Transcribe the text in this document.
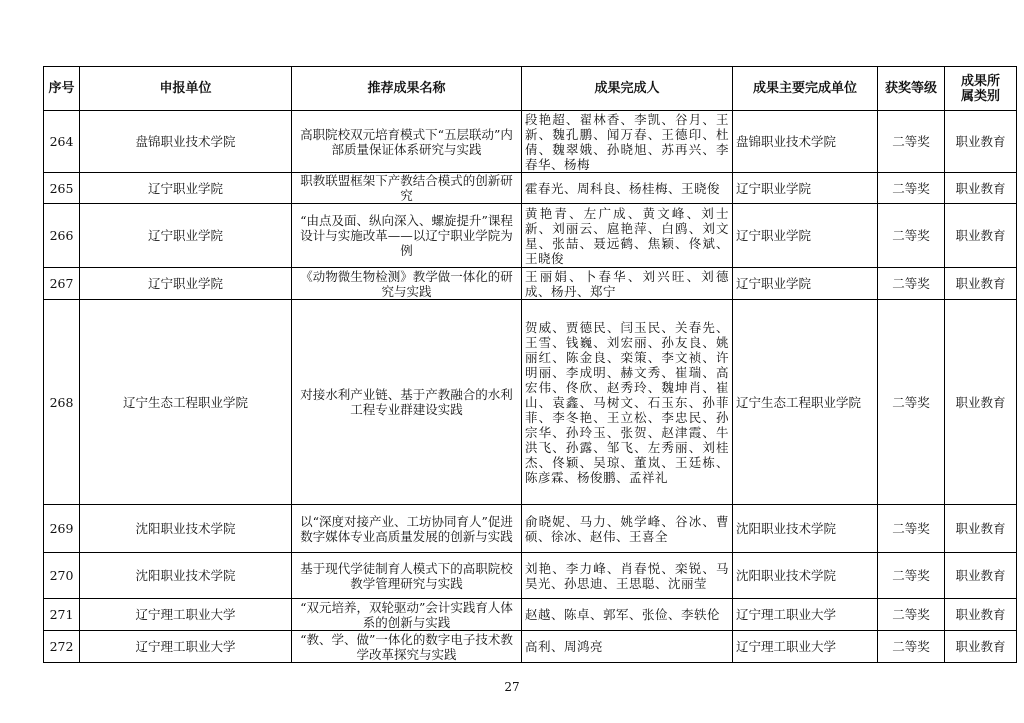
序号	申报单位	推荐成果名称	成果完成人	成果主要完成单位	获奖等级	成果所属类别
264	盘锦职业技术学院	高职院校双元培育模式下“五层联动”内部质量保证体系研究与实践	段艳超、翟林香、李凯、谷月、王新、魏孔鹏、闻万春、王德印、杜倩、魏翠娥、孙晓旭、苏再兴、李春华、杨梅	盘锦职业技术学院	二等奖	职业教育
265	辽宁职业学院	职教联盟框架下产教结合模式的创新研究	霍春光、周科良、杨桂梅、王晓俊	辽宁职业学院	二等奖	职业教育
266	辽宁职业学院	“由点及面、纵向深入、螺旋提升”课程设计与实施改革——以辽宁职业学院为例	黄艳青、左广成、黄文峰、刘士新、刘丽云、扈艳萍、白鸥、刘文星、张喆、聂远鹤、焦颖、佟斌、王晓俊	辽宁职业学院	二等奖	职业教育
267	辽宁职业学院	《动物微生物检测》教学做一体化的研究与实践	王丽娟、卜春华、刘兴旺、刘德成、杨丹、郑宁	辽宁职业学院	二等奖	职业教育
268	辽宁生态工程职业学院	对接水利产业链、基于产教融合的水利工程专业群建设实践	贺威、贾德民、闫玉民、关春先、王雪、钱巍、刘宏丽、孙友良、姚丽红、陈金良、栾策、李文祯、许明丽、李成明、赫文秀、崔瑞、高宏伟、佟欣、赵秀玲、魏坤肖、崔山、袁鑫、马树文、石玉东、孙菲菲、李冬艳、王立松、李忠民、孙宗华、孙玲玉、张贺、赵津霞、牛洪飞、孙露、邹飞、左秀丽、刘桂杰、佟颖、吴琼、董岚、王廷栋、陈彦霖、杨俊鹏、孟祥礼	辽宁生态工程职业学院	二等奖	职业教育
269	沈阳职业技术学院	以“深度对接产业、工坊协同育人”促进数字媒体专业高质量发展的创新与实践	俞晓妮、马力、姚学峰、谷冰、曹硕、徐冰、赵伟、王喜全	沈阳职业技术学院	二等奖	职业教育
270	沈阳职业技术学院	基于现代学徒制育人模式下的高职院校教学管理研究与实践	刘艳、李力峰、肖春悦、栾锐、马昊光、孙思迪、王思聪、沈丽莹	沈阳职业技术学院	二等奖	职业教育
271	辽宁理工职业大学	“双元培养，双轮驱动”会计实践育人体系的创新与实践	赵越、陈卓、郭军、张俭、李轶伦	辽宁理工职业大学	二等奖	职业教育
272	辽宁理工职业大学	“教、学、做”一体化的数字电子技术教学改革探究与实践	高利、周鸿亮	辽宁理工职业大学	二等奖	职业教育
27
